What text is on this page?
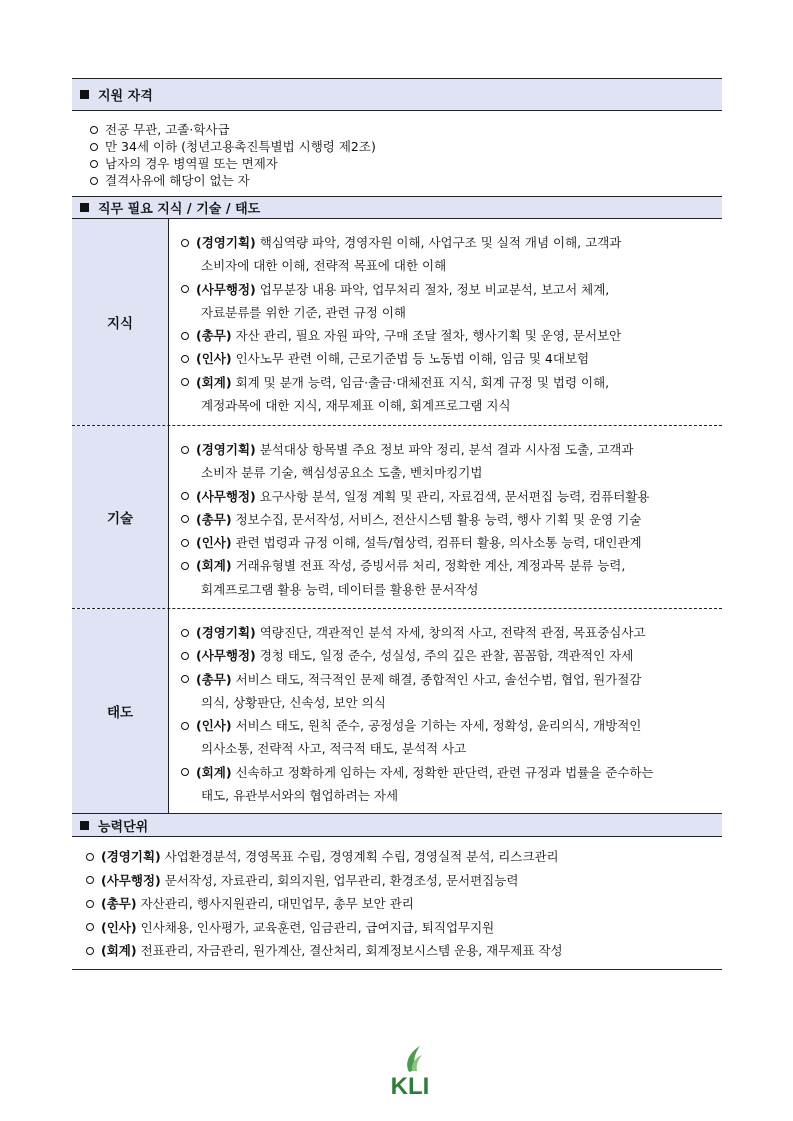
지원 자격
전공 무관, 고졸·학사급
만 34세 이하 (청년고용촉진특별법 시행령 제2조)
남자의 경우 병역필 또는 면제자
결격사유에 해당이 없는 자
직무 필요 지식 / 기술 / 태도
지식
(경영기획) 핵심역량 파악, 경영자원 이해, 사업구조 및 실적 개념 이해, 고객과
소비자에 대한 이해, 전략적 목표에 대한 이해
(사무행정) 업무분장 내용 파악, 업무처리 절차, 정보 비교분석, 보고서 체계,
자료분류를 위한 기준, 관련 규정 이해
(총무) 자산 관리, 필요 자원 파악, 구매 조달 절차, 행사기획 및 운영, 문서보안
(인사) 인사노무 관련 이해, 근로기준법 등 노동법 이해, 임금 및 4대보험
(회계) 회계 및 분개 능력, 임금·출금·대체전표 지식, 회계 규정 및 법령 이해,
계정과목에 대한 지식, 재무제표 이해, 회계프로그램 지식
기술
(경영기획) 분석대상 항목별 주요 정보 파악 정리, 분석 결과 시사점 도출, 고객과
소비자 분류 기술, 핵심성공요소 도출, 벤치마킹기법
(사무행정) 요구사항 분석, 일정 계획 및 관리, 자료검색, 문서편집 능력, 컴퓨터활용
(총무) 정보수집, 문서작성, 서비스, 전산시스템 활용 능력, 행사 기획 및 운영 기술
(인사) 관련 법령과 규정 이해, 설득/협상력, 컴퓨터 활용, 의사소통 능력, 대인관계
(회계) 거래유형별 전표 작성, 증빙서류 처리, 정확한 계산, 계정과목 분류 능력,
회계프로그램 활용 능력, 데이터를 활용한 문서작성
태도
(경영기획) 역량진단, 객관적인 분석 자세, 창의적 사고, 전략적 관점, 목표중심사고
(사무행정) 경청 태도, 일정 준수, 성실성, 주의 깊은 관찰, 꼼꼼함, 객관적인 자세
(총무) 서비스 태도, 적극적인 문제 해결, 종합적인 사고, 솔선수범, 협업, 원가절감
의식, 상황판단, 신속성, 보안 의식
(인사) 서비스 태도, 원칙 준수, 공정성을 기하는 자세, 정확성, 윤리의식, 개방적인
의사소통, 전략적 사고, 적극적 태도, 분석적 사고
(회계) 신속하고 정확하게 임하는 자세, 정확한 판단력, 관련 규정과 법률을 준수하는
태도, 유관부서와의 협업하려는 자세
능력단위
(경영기획) 사업환경분석, 경영목표 수립, 경영계획 수립, 경영실적 분석, 리스크관리
(사무행정) 문서작성, 자료관리, 회의지원, 업무관리, 환경조성, 문서편집능력
(총무) 자산관리, 행사지원관리, 대민업무, 총무 보안 관리
(인사) 인사채용, 인사평가, 교육훈련, 임금관리, 급여지급, 퇴직업무지원
(회계) 전표관리, 자금관리, 원가계산, 결산처리, 회계정보시스템 운용, 재무제표 작성
KLI
